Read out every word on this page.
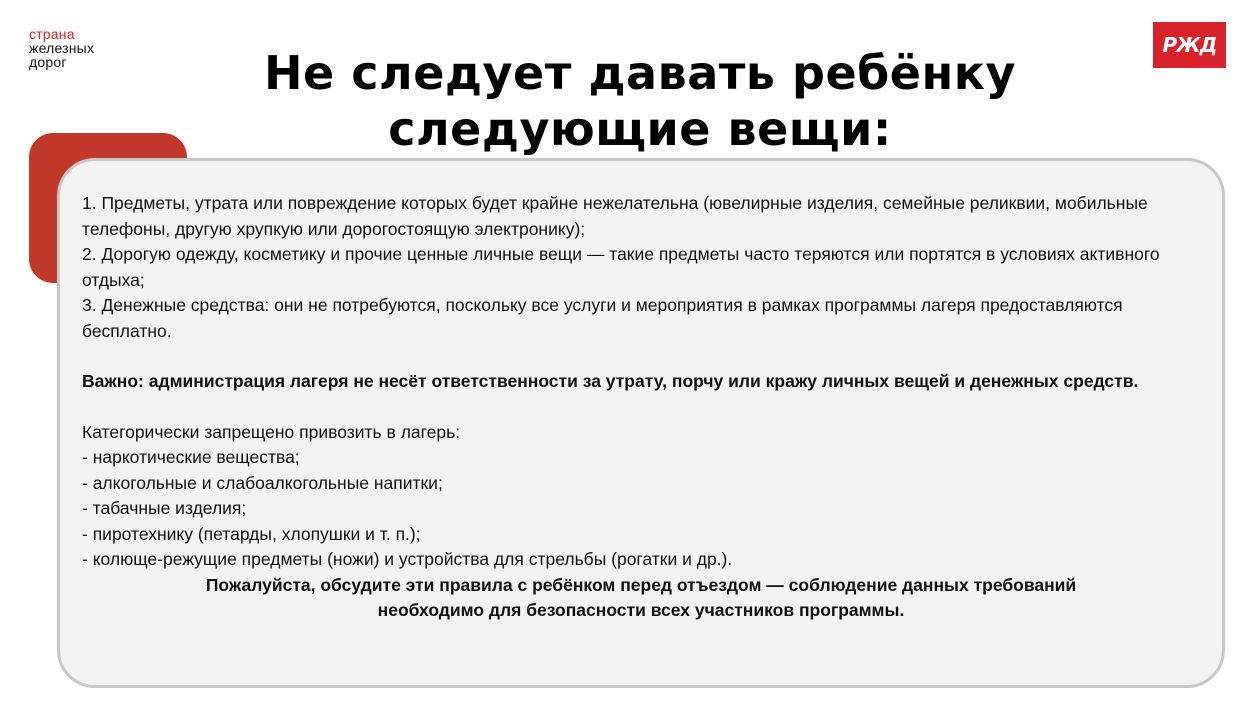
страна
железных
дорог
РЖД
Не следует давать ребёнку
следующие вещи:

1. Предметы, утрата или повреждение которых будет крайне нежелательна (ювелирные изделия, семейные реликвии, мобильные телефоны, другую хрупкую или дорогостоящую электронику);

2. Дорогую одежду, косметику и прочие ценные личные вещи — такие предметы часто теряются или портятся в условиях активного отдыха;

3. Денежные средства: они не потребуются, поскольку все услуги и мероприятия в рамках программы лагеря предоставляются бесплатно.

Важно: администрация лагеря не несёт ответственности за утрату, порчу или кражу личных вещей и денежных средств.

Категорически запрещено привозить в лагерь:

- наркотические вещества;

- алкогольные и слабоалкогольные напитки;

- табачные изделия;

- пиротехнику (петарды, хлопушки и т. п.);

- колюще-режущие предметы (ножи) и устройства для стрельбы (рогатки и др.).

Пожалуйста, обсудите эти правила с ребёнком перед отъездом — соблюдение данных требований
необходимо для безопасности всех участников программы.
